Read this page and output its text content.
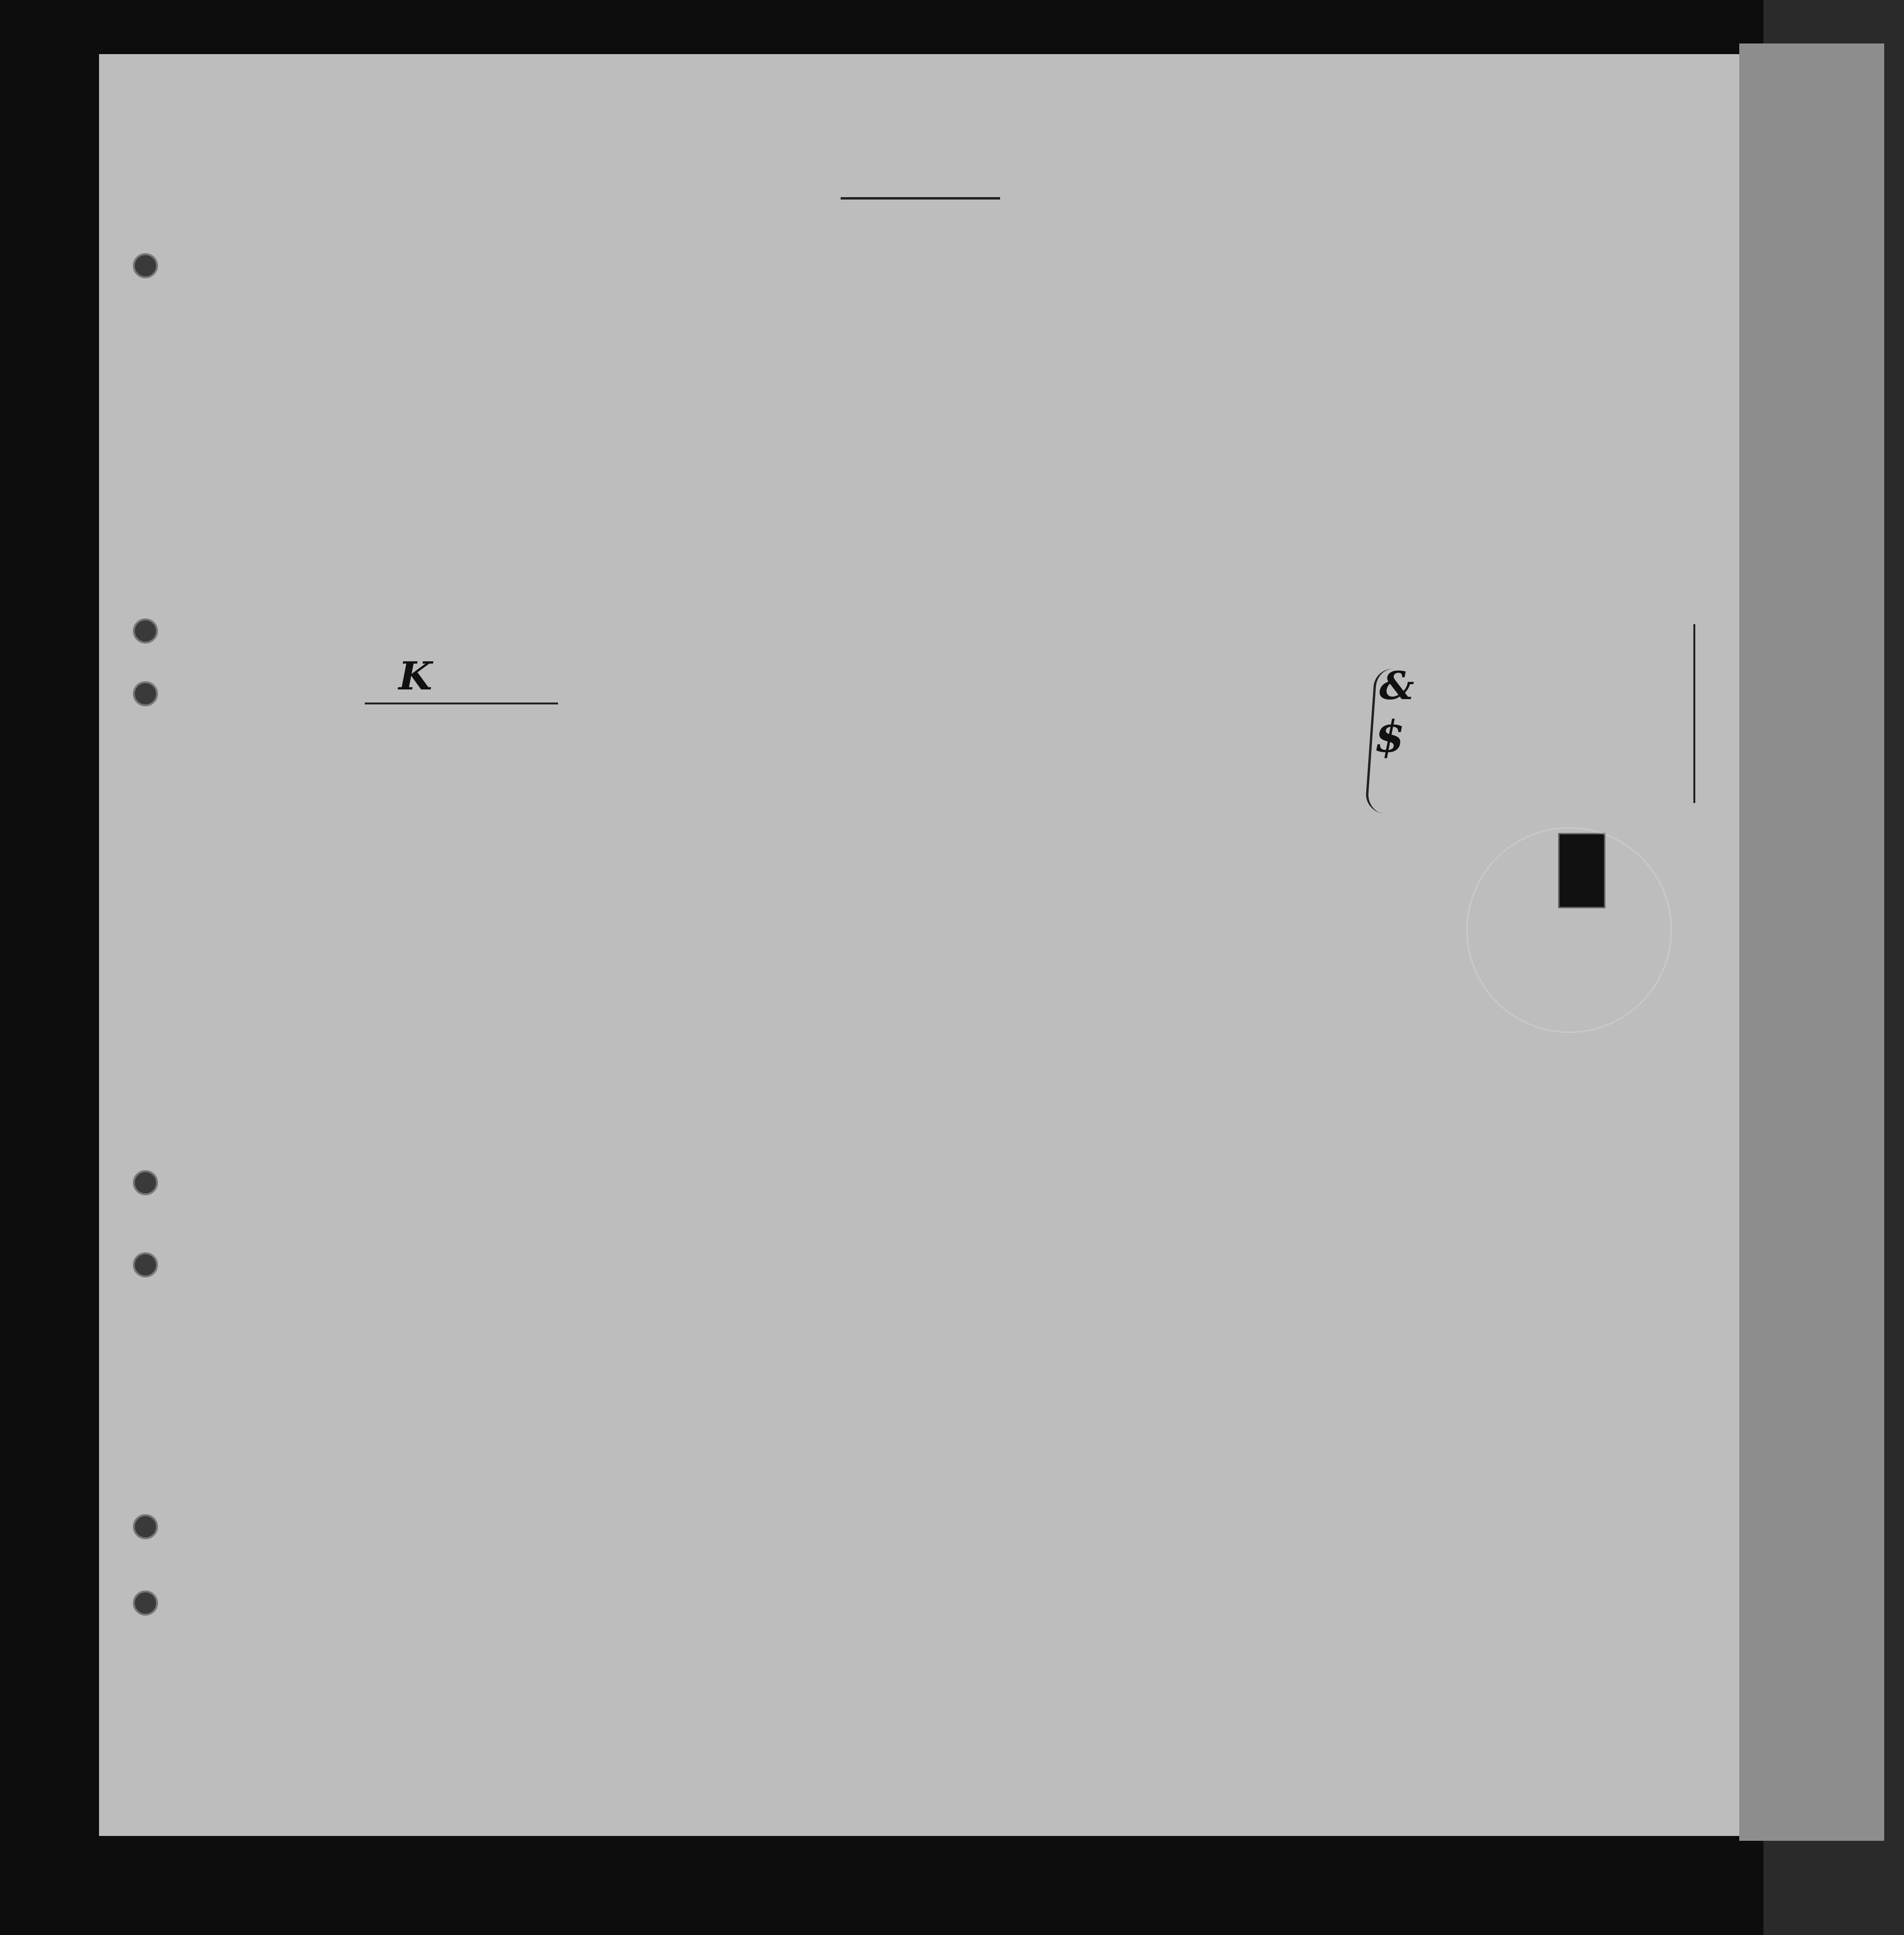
K
$
&
